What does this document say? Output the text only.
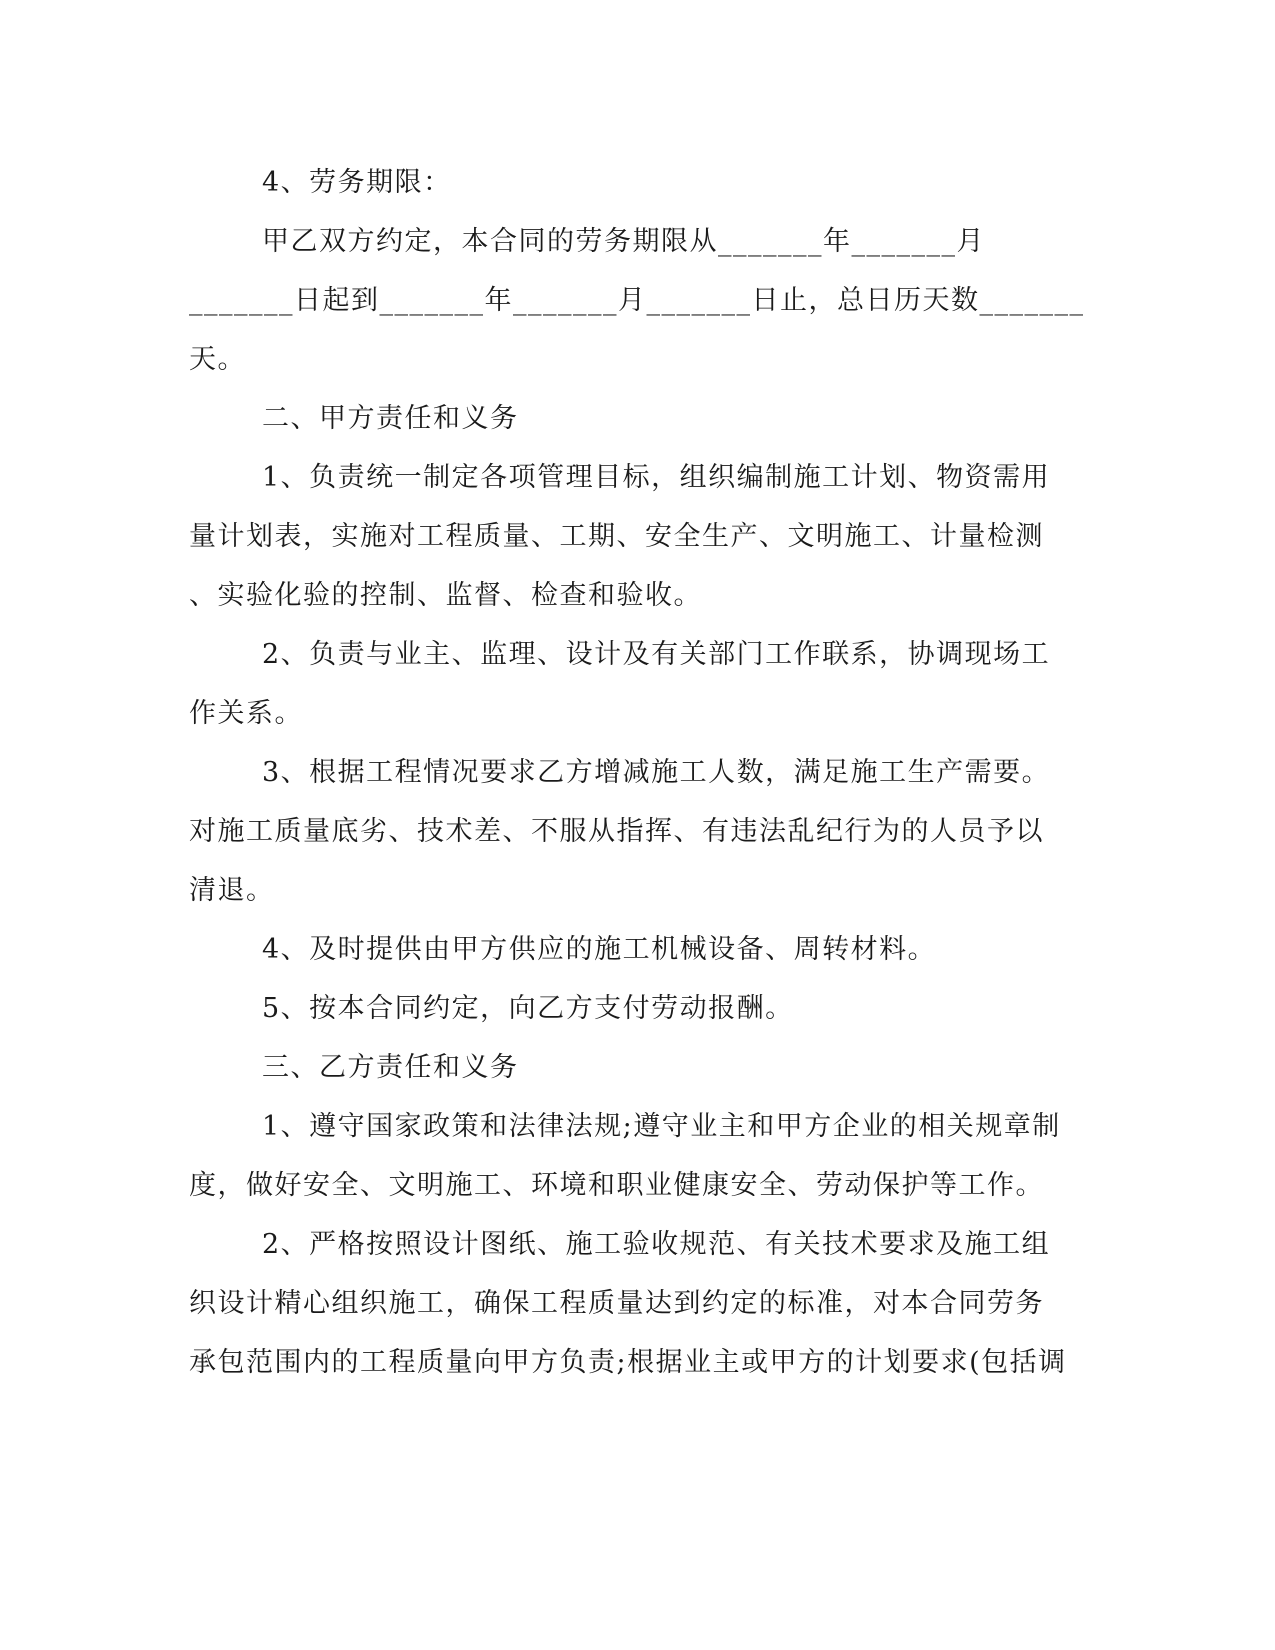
4、劳务期限：
甲乙双方约定，本合同的劳务期限从_______年_______月
_______日起到_______年_______月_______日止，总日历天数_______
天。
二、甲方责任和义务
1、负责统一制定各项管理目标，组织编制施工计划、物资需用
量计划表，实施对工程质量、工期、安全生产、文明施工、计量检测
、实验化验的控制、监督、检查和验收。
2、负责与业主、监理、设计及有关部门工作联系，协调现场工
作关系。
3、根据工程情况要求乙方增减施工人数，满足施工生产需要。
对施工质量底劣、技术差、不服从指挥、有违法乱纪行为的人员予以
清退。
4、及时提供由甲方供应的施工机械设备、周转材料。
5、按本合同约定，向乙方支付劳动报酬。
三、乙方责任和义务
1、遵守国家政策和法律法规;遵守业主和甲方企业的相关规章制
度，做好安全、文明施工、环境和职业健康安全、劳动保护等工作。
2、严格按照设计图纸、施工验收规范、有关技术要求及施工组
织设计精心组织施工，确保工程质量达到约定的标准，对本合同劳务
承包范围内的工程质量向甲方负责;根据业主或甲方的计划要求(包括调
